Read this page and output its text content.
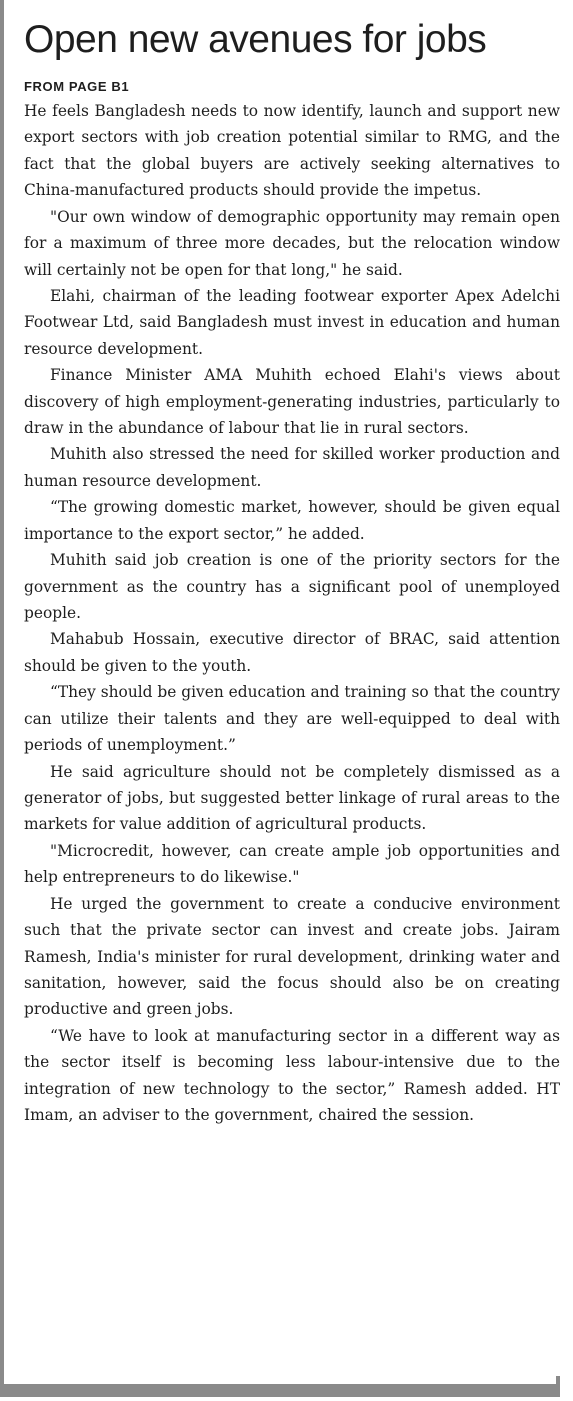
Open new avenues for jobs
FROM PAGE B1

He feels Bangladesh needs to now identify, launch and support new export sectors with job creation potential similar to RMG, and the fact that the global buyers are actively seeking alternatives to China-manufactured products should provide the impetus.

"Our own window of demographic opportunity may remain open for a maximum of three more decades, but the relocation window will certainly not be open for that long," he said.

Elahi, chairman of the leading footwear exporter Apex Adelchi Footwear Ltd, said Bangladesh must invest in education and human resource development.

Finance Minister AMA Muhith echoed Elahi's views about discovery of high employment-generating industries, particularly to draw in the abundance of labour that lie in rural sectors.

Muhith also stressed the need for skilled worker production and human resource development.

“The growing domestic market, however, should be given equal importance to the export sector,” he added.

Muhith said job creation is one of the priority sectors for the government as the country has a significant pool of unemployed people.

Mahabub Hossain, executive director of BRAC, said attention should be given to the youth.

“They should be given education and training so that the country can utilize their talents and they are well-equipped to deal with periods of unemployment.”

He said agriculture should not be completely dismissed as a generator of jobs, but suggested better linkage of rural areas to the markets for value addition of agricultural products.

"Microcredit, however, can create ample job opportunities and help entrepreneurs to do likewise."

He urged the government to create a conducive environment such that the private sector can invest and create jobs. Jairam Ramesh, India's minister for rural development, drinking water and sanitation, however, said the focus should also be on creating productive and green jobs.

“We have to look at manufacturing sector in a different way as the sector itself is becoming less labour-intensive due to the integration of new technology to the sector,” Ramesh added. HT Imam, an adviser to the government, chaired the session.
